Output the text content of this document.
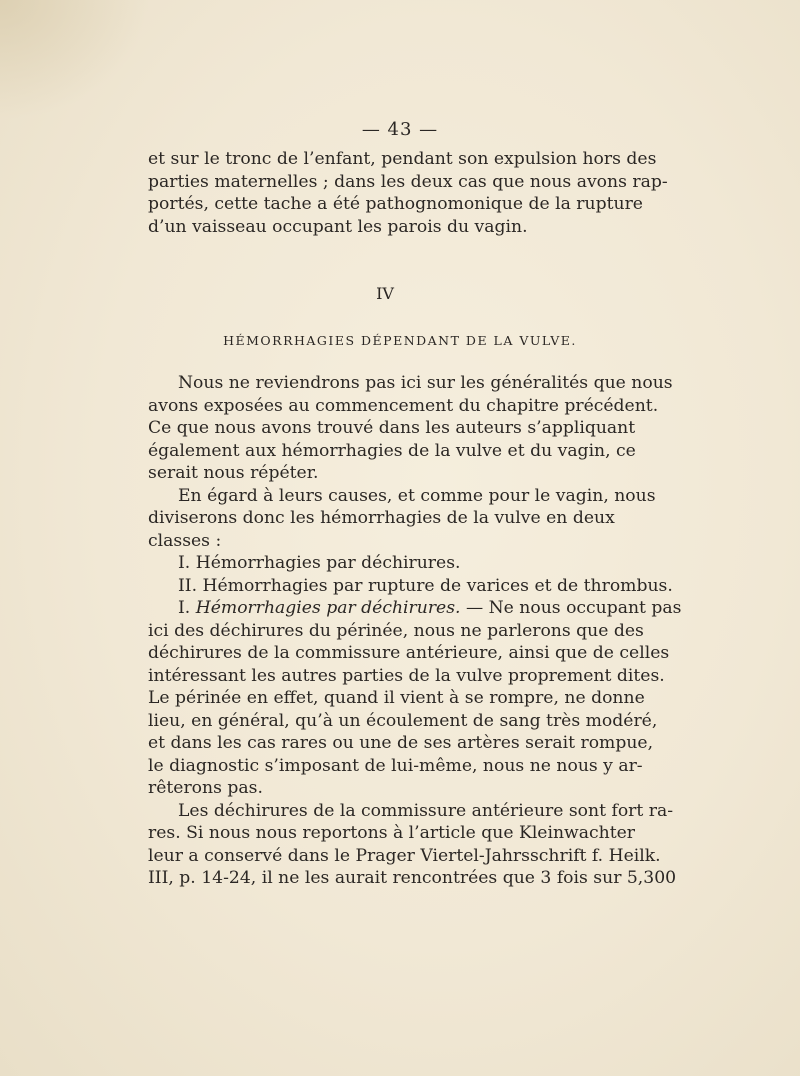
— 43 —
et sur le tronc de l’enfant, pendant son expulsion hors des
parties maternelles ; dans les deux cas que nous avons rap-
portés, cette tache a été pathognomonique de la rupture
d’un vaisseau occupant les parois du vagin.
IV
HÉMORRHAGIES DÉPENDANT DE LA VULVE.
Nous ne reviendrons pas ici sur les généralités que nous
avons exposées au commencement du chapitre précédent.
Ce que nous avons trouvé dans les auteurs s’appliquant
également aux hémorrhagies de la vulve et du vagin, ce
serait nous répéter.
En égard à leurs causes, et comme pour le vagin, nous
diviserons donc les hémorrhagies de la vulve en deux
classes :
I. Hémorrhagies par déchirures.
II. Hémorrhagies par rupture de varices et de thrombus.
I. Hémorrhagies par déchirures. — Ne nous occupant pas
ici des déchirures du périnée, nous ne parlerons que des
déchirures de la commissure antérieure, ainsi que de celles
intéressant les autres parties de la vulve proprement dites.
Le périnée en effet, quand il vient à se rompre, ne donne
lieu, en général, qu’à un écoulement de sang très modéré,
et dans les cas rares ou une de ses artères serait rompue,
le diagnostic s’imposant de lui-même, nous ne nous y ar-
rêterons pas.
Les déchirures de la commissure antérieure sont fort ra-
res. Si nous nous reportons à l’article que Kleinwachter
leur a conservé dans le Prager Viertel-Jahrsschrift f. Heilk.
III, p. 14-24, il ne les aurait rencontrées que 3 fois sur 5,300
